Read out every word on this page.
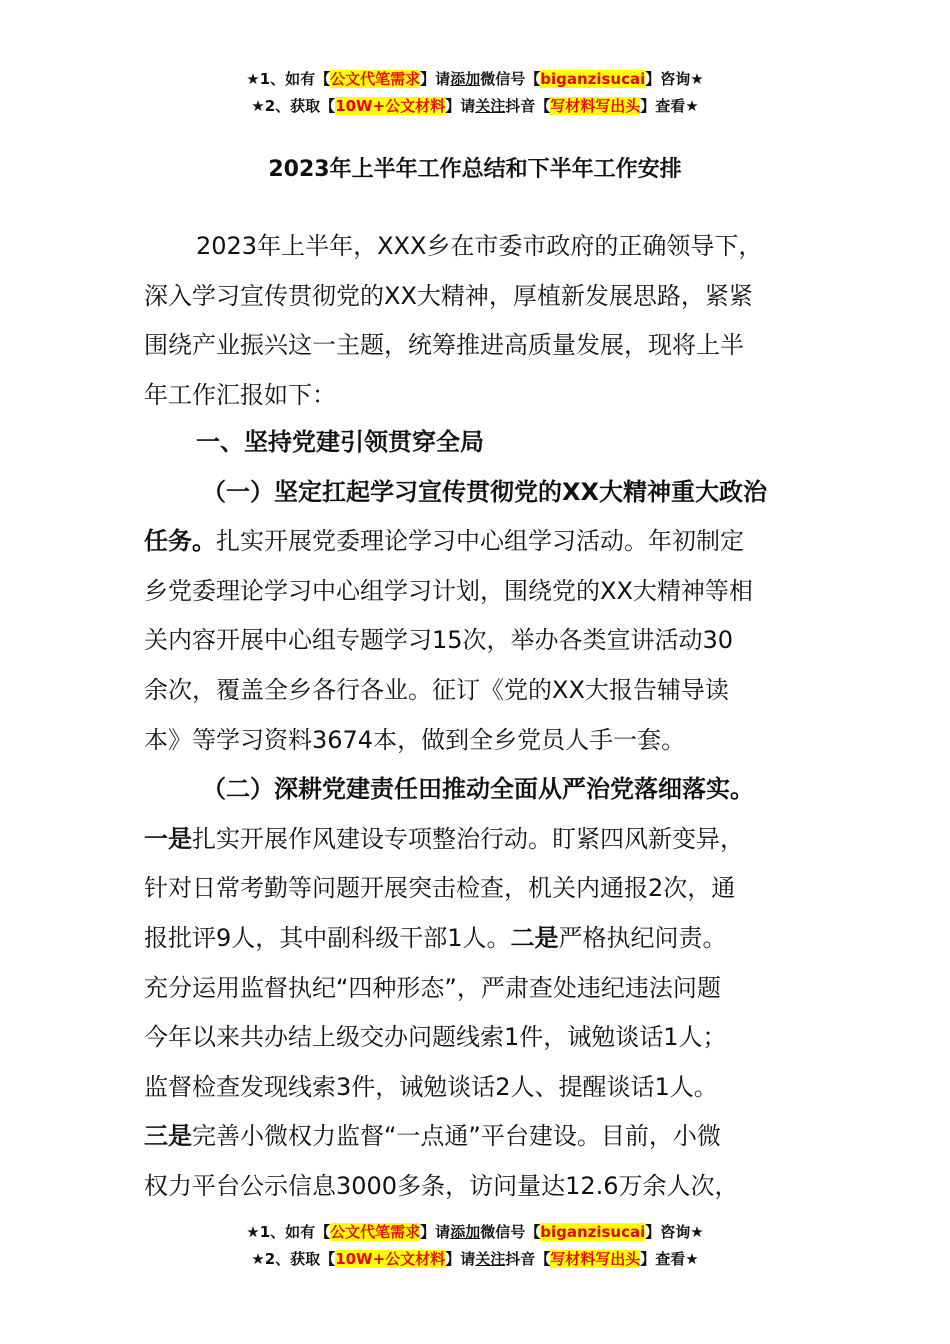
★1、如有【公文代笔需求】请添加微信号【biganzisucai】咨询★
★2、获取【10W+公文材料】请关注抖音【写材料写出头】查看★
2023年上半年工作总结和下半年工作安排
2023年上半年，XXX乡在市委市政府的正确领导下，
深入学习宣传贯彻党的XX大精神，厚植新发展思路，紧紧
围绕产业振兴这一主题，统筹推进高质量发展，现将上半
年工作汇报如下：
一、坚持党建引领贯穿全局
（一）坚定扛起学习宣传贯彻党的XX大精神重大政治
任务。扎实开展党委理论学习中心组学习活动。年初制定
乡党委理论学习中心组学习计划，围绕党的XX大精神等相
关内容开展中心组专题学习15次，举办各类宣讲活动30
余次，覆盖全乡各行各业。征订《党的XX大报告辅导读
本》等学习资料3674本，做到全乡党员人手一套。
（二）深耕党建责任田推动全面从严治党落细落实。
一是扎实开展作风建设专项整治行动。盯紧四风新变异，
针对日常考勤等问题开展突击检查，机关内通报2次，通
报批评9人，其中副科级干部1人。二是严格执纪问责。
充分运用监督执纪“四种形态”，严肃查处违纪违法问题
今年以来共办结上级交办问题线索1件，诫勉谈话1人；
监督检查发现线索3件，诫勉谈话2人、提醒谈话1人。
三是完善小微权力监督“一点通”平台建设。目前，小微
权力平台公示信息3000多条，访问量达12.6万余人次，
★1、如有【公文代笔需求】请添加微信号【biganzisucai】咨询★
★2、获取【10W+公文材料】请关注抖音【写材料写出头】查看★
